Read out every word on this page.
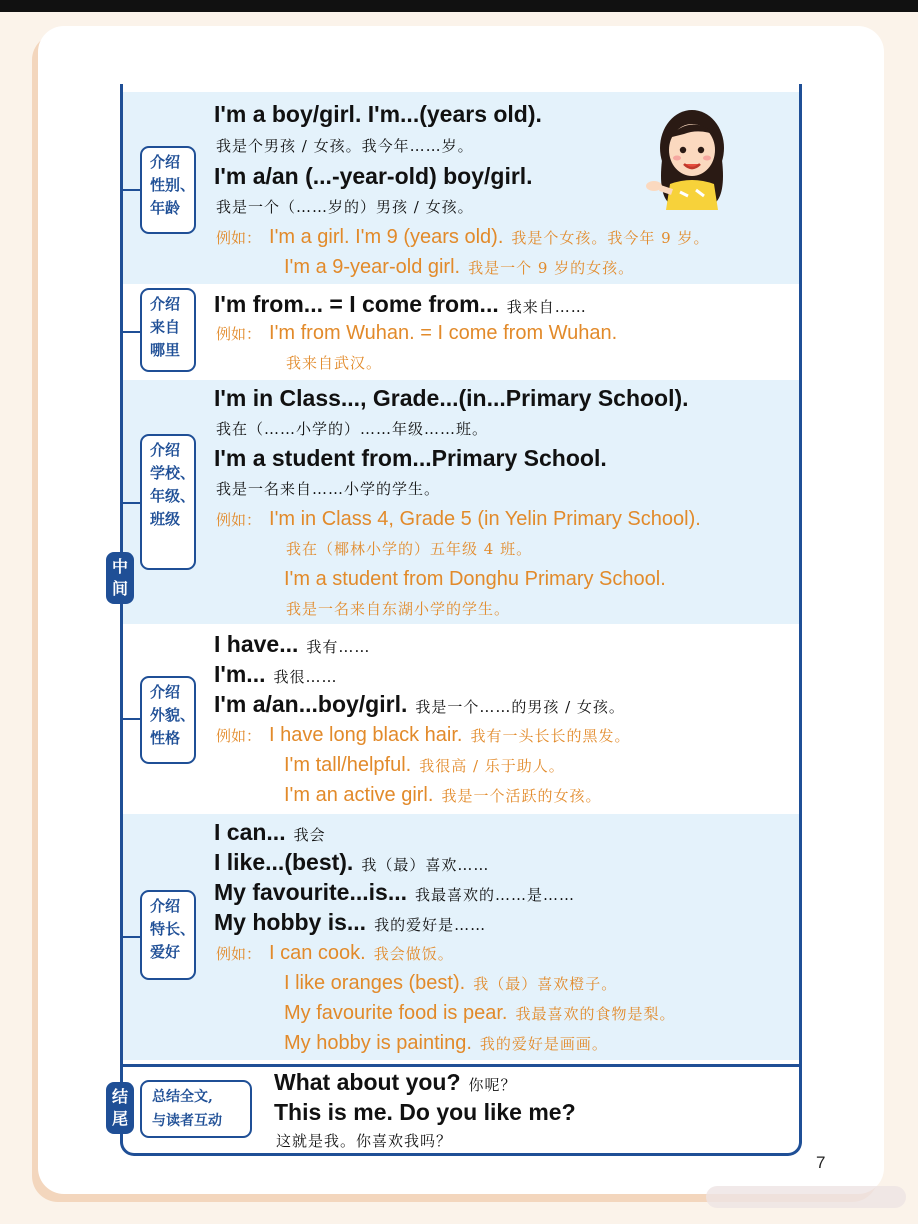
中
间
结
尾
介绍
性别、
年龄
介绍
来自
哪里
介绍
学校、
年级、
班级
介绍
外貌、
性格
介绍
特长、
爱好
总结全文,
与读者互动
I'm a boy/girl. I'm...(years old).
我是个男孩 / 女孩。我今年……岁。
I'm a/an (...-year-old) boy/girl.
我是一个（……岁的）男孩 / 女孩。
例如： I'm a girl. I'm 9 (years old). 我是个女孩。我今年 9 岁。
I'm a 9-year-old girl. 我是一个 9 岁的女孩。
I'm from... = I come from... 我来自……
例如： I'm from Wuhan. = I come from Wuhan.
我来自武汉。
I'm in Class..., Grade...(in...Primary School).
我在（……小学的）……年级……班。
I'm a student from...Primary School.
我是一名来自……小学的学生。
例如： I'm in Class 4, Grade 5 (in Yelin Primary School).
我在（椰林小学的）五年级 4 班。
I'm a student from Donghu Primary School.
我是一名来自东湖小学的学生。
I have... 我有……
I'm... 我很……
I'm a/an...boy/girl. 我是一个……的男孩 / 女孩。
例如： I have long black hair. 我有一头长长的黑发。
I'm tall/helpful. 我很高 / 乐于助人。
I'm an active girl. 我是一个活跃的女孩。
I can... 我会
I like...(best). 我（最）喜欢……
My favourite...is... 我最喜欢的……是……
My hobby is... 我的爱好是……
例如： I can cook. 我会做饭。
I like oranges (best). 我（最）喜欢橙子。
My favourite food is pear. 我最喜欢的食物是梨。
My hobby is painting. 我的爱好是画画。
What about you? 你呢？
This is me. Do you like me?
这就是我。你喜欢我吗？
7
